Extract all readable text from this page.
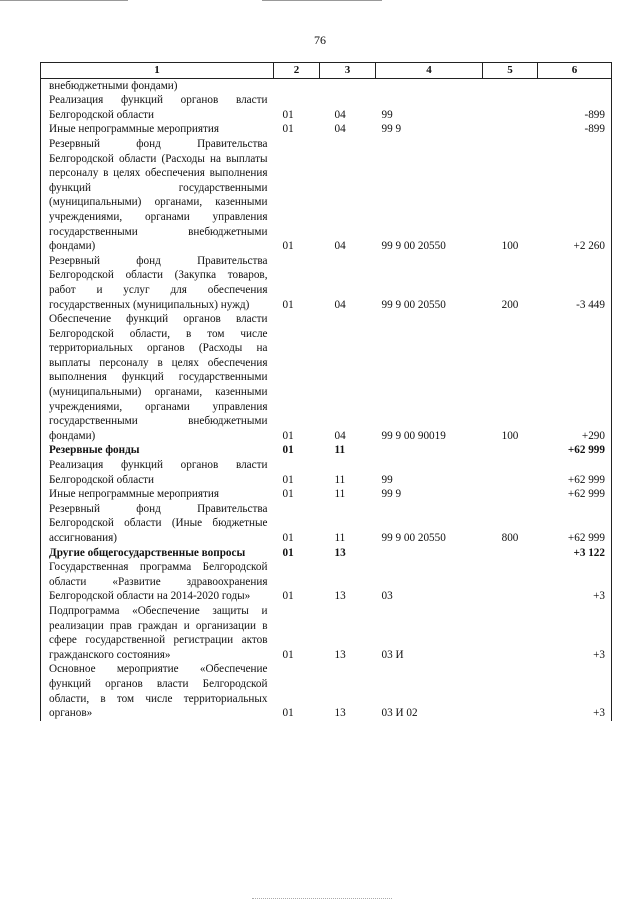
76
1	2	3	4	5	6
внебюджетными фондами)					
Реализация функций органов власти Белгородской области	01	04	99		-899
Иные непрограммные мероприятия	01	04	99 9		-899
Резервный фонд Правительства Белгородской области (Расходы на выплаты персоналу в целях обеспечения выполнения функций государственными (муниципальными) органами, казенными учреждениями, органами управления государственными внебюджетными фондами)	01	04	99 9 00 20550	100	+2 260
Резервный фонд Правительства Белгородской области (Закупка товаров, работ и услуг для обеспечения государственных (муниципальных) нужд)	01	04	99 9 00 20550	200	-3 449
Обеспечение функций органов власти Белгородской области, в том числе территориальных органов (Расходы на выплаты персоналу в целях обеспечения выполнения функций государственными (муниципальными) органами, казенными учреждениями, органами управления государственными внебюджетными фондами)	01	04	99 9 00 90019	100	+290
Резервные фонды	01	11			+62 999
Реализация функций органов власти Белгородской области	01	11	99		+62 999
Иные непрограммные мероприятия	01	11	99 9		+62 999
Резервный фонд Правительства Белгородской области (Иные бюджетные ассигнования)	01	11	99 9 00 20550	800	+62 999
Другие общегосударственные вопросы	01	13			+3 122
Государственная программа Белгородской области «Развитие здравоохранения Белгородской области на 2014-2020 годы»	01	13	03		+3
Подпрограмма «Обеспечение защиты и реализации прав граждан и организации в сфере государственной регистрации актов гражданского состояния»	01	13	03 И		+3
Основное мероприятие «Обеспечение функций органов власти Белгородской области, в том числе территориальных органов»	01	13	03 И 02		+3
